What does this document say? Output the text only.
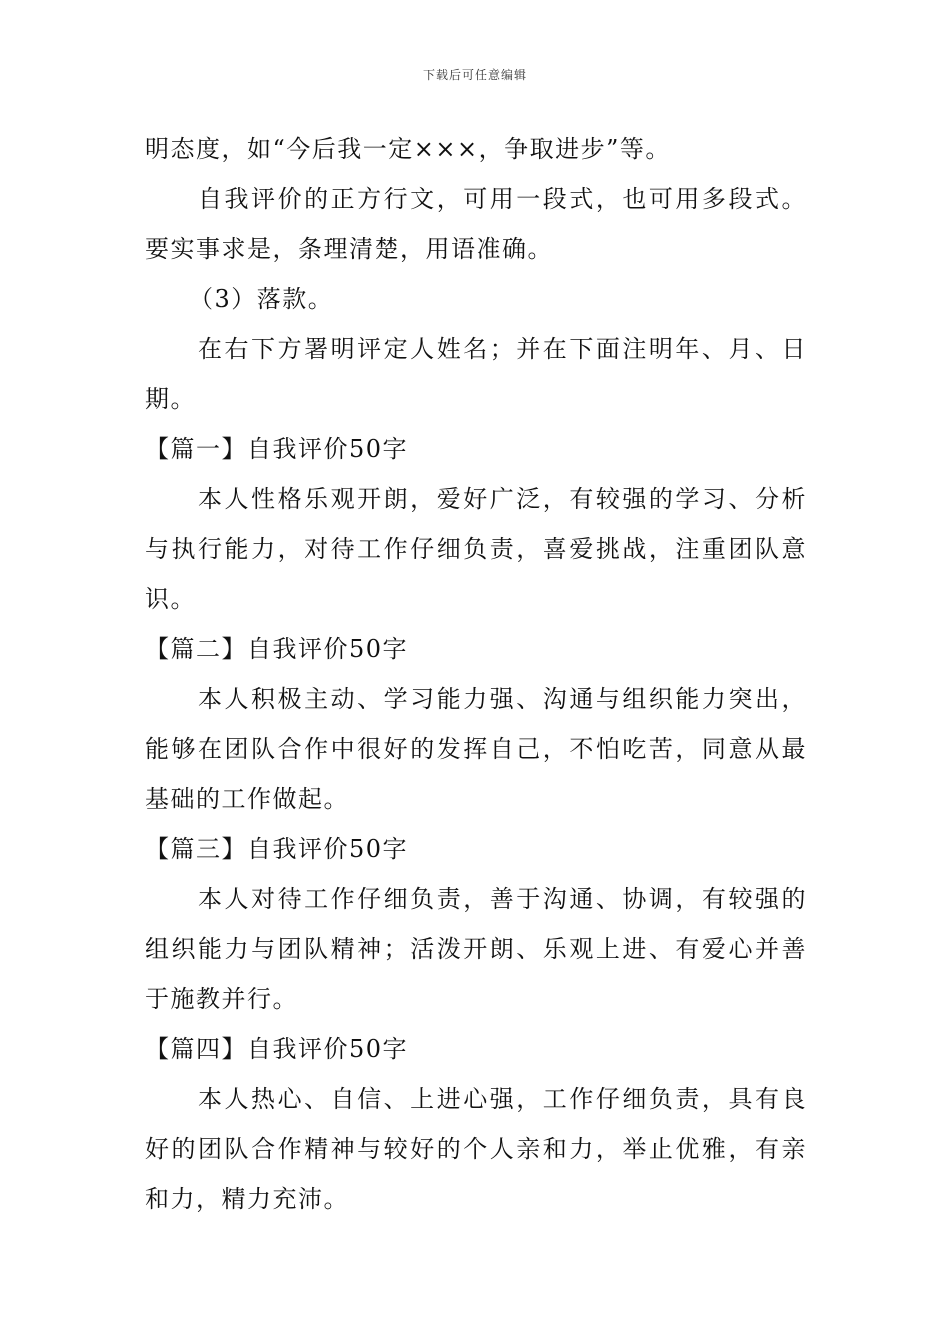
下载后可任意编辑

明态度，如“今后我一定×××，争取进步”等。

自我评价的正方行文，可用一段式，也可用多段式。要实事求是，条理清楚，用语准确。

（3）落款。

在右下方署明评定人姓名；并在下面注明年、月、日期。

【篇一】自我评价50字

本人性格乐观开朗，爱好广泛，有较强的学习、分析与执行能力，对待工作仔细负责，喜爱挑战，注重团队意识。

【篇二】自我评价50字

本人积极主动、学习能力强、沟通与组织能力突出，能够在团队合作中很好的发挥自己，不怕吃苦，同意从最基础的工作做起。

【篇三】自我评价50字

本人对待工作仔细负责，善于沟通、协调，有较强的组织能力与团队精神；活泼开朗、乐观上进、有爱心并善于施教并行。

【篇四】自我评价50字

本人热心、自信、上进心强，工作仔细负责，具有良好的团队合作精神与较好的个人亲和力，举止优雅，有亲和力，精力充沛。
